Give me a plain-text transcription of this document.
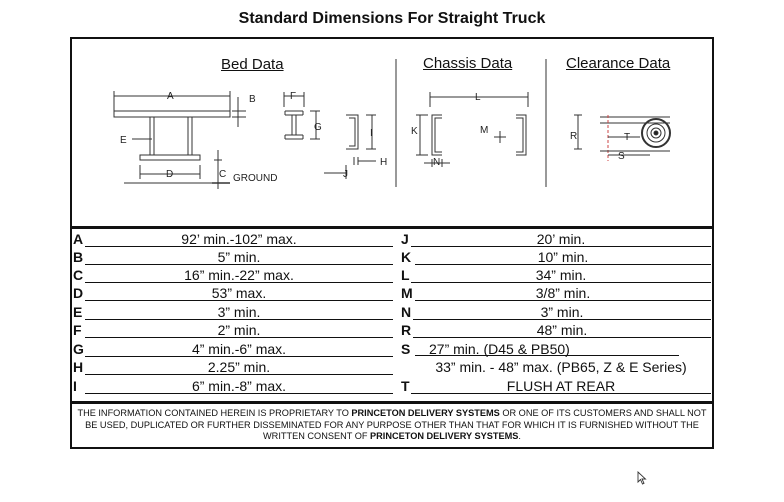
Standard Dimensions For Straight Truck
Bed Data	Chassis Data	Clearance Data
A	B
E
D	C GROUND
F
G
I
H
J
L
K
N
M
R	T
S
A	92’ min.-102” max.
B	5” min.
C	16” min.-22” max.
D	53” max.
E	3” min.
F	2” min.
G	4” min.-6” max.
H	2.25” min.
I	6” min.-8” max.
J	20’ min.
K	10” min.
L	34” min.
M	3/8” min.
N	3” min.
R	48” min.
S	27” min. (D45 & PB50)
33” min. - 48” max. (PB65, Z & E Series)
T	FLUSH AT REAR
THE INFORMATION CONTAINED HEREIN IS PROPRIETARY TO PRINCETON DELIVERY SYSTEMS OR ONE OF ITS CUSTOMERS AND SHALL NOT BE USED, DUPLICATED OR FURTHER DISSEMINATED FOR ANY PURPOSE OTHER THAN THAT FOR WHICH IT IS FURNISHED WITHOUT THE WRITTEN CONSENT OF PRINCETON DELIVERY SYSTEMS.
